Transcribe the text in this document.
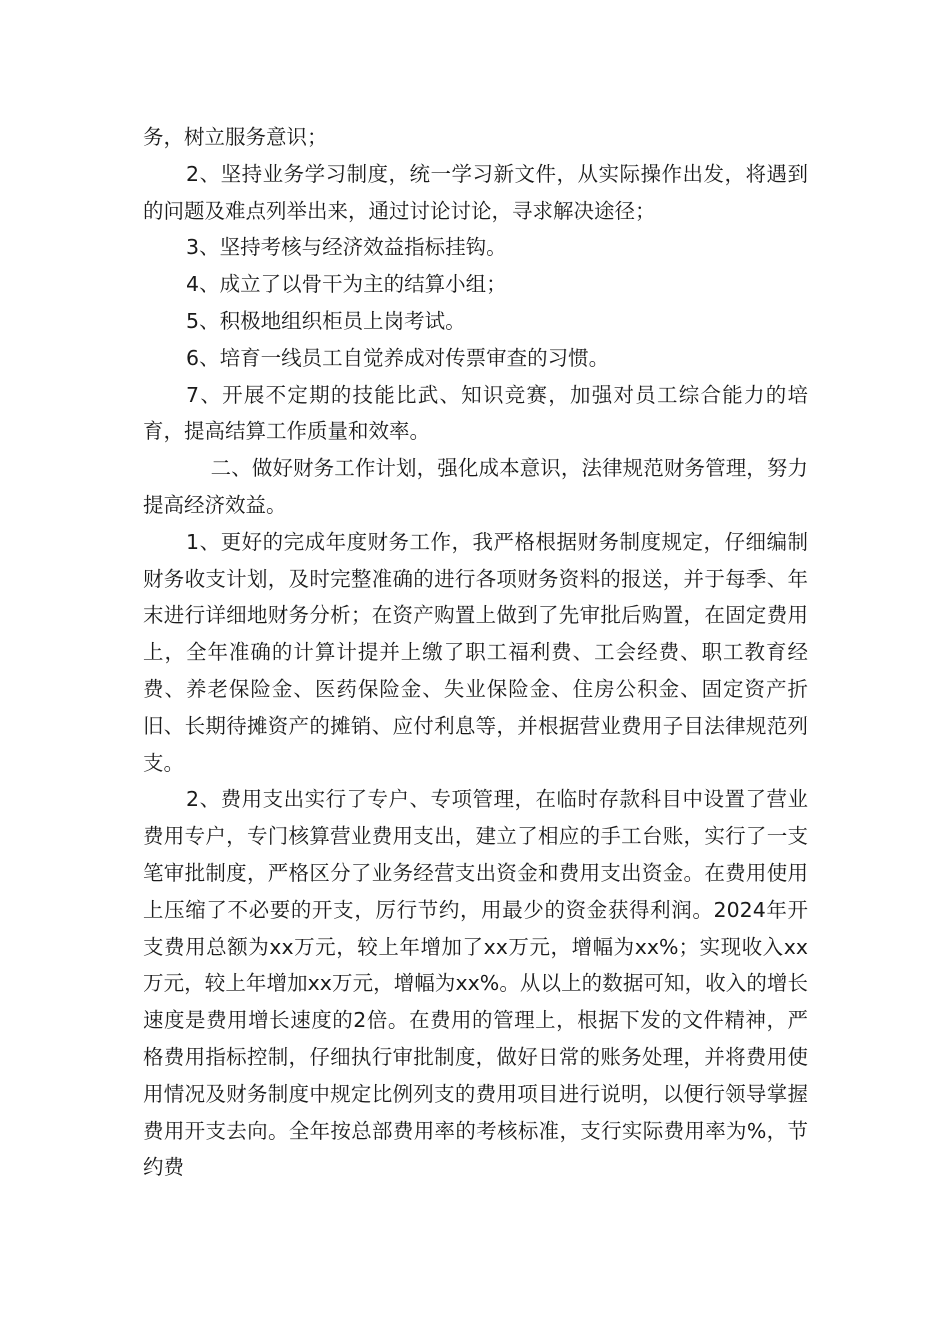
务，树立服务意识；

2、坚持业务学习制度，统一学习新文件，从实际操作出发，将遇到的问题及难点列举出来，通过讨论讨论，寻求解决途径；

3、坚持考核与经济效益指标挂钩。

4、成立了以骨干为主的结算小组；

5、积极地组织柜员上岗考试。

6、培育一线员工自觉养成对传票审查的习惯。

7、开展不定期的技能比武、知识竞赛，加强对员工综合能力的培育，提高结算工作质量和效率。

二、做好财务工作计划，强化成本意识，法律规范财务管理，努力提高经济效益。

1、更好的完成年度财务工作，我严格根据财务制度规定，仔细编制财务收支计划，及时完整准确的进行各项财务资料的报送，并于每季、年末进行详细地财务分析；在资产购置上做到了先审批后购置，在固定费用上，全年准确的计算计提并上缴了职工福利费、工会经费、职工教育经费、养老保险金、医药保险金、失业保险金、住房公积金、固定资产折旧、长期待摊资产的摊销、应付利息等，并根据营业费用子目法律规范列支。

2、费用支出实行了专户、专项管理，在临时存款科目中设置了营业费用专户，专门核算营业费用支出，建立了相应的手工台账，实行了一支笔审批制度，严格区分了业务经营支出资金和费用支出资金。在费用使用上压缩了不必要的开支，厉行节约，用最少的资金获得利润。2024年开支费用总额为xx万元，较上年增加了xx万元，增幅为xx%；实现收入xx万元，较上年增加xx万元，增幅为xx%。从以上的数据可知，收入的增长速度是费用增长速度的2倍。在费用的管理上，根据下发的文件精神，严格费用指标控制，仔细执行审批制度，做好日常的账务处理，并将费用使用情况及财务制度中规定比例列支的费用项目进行说明，以便行领导掌握费用开支去向。全年按总部费用率的考核标准，支行实际费用率为%，节约费
